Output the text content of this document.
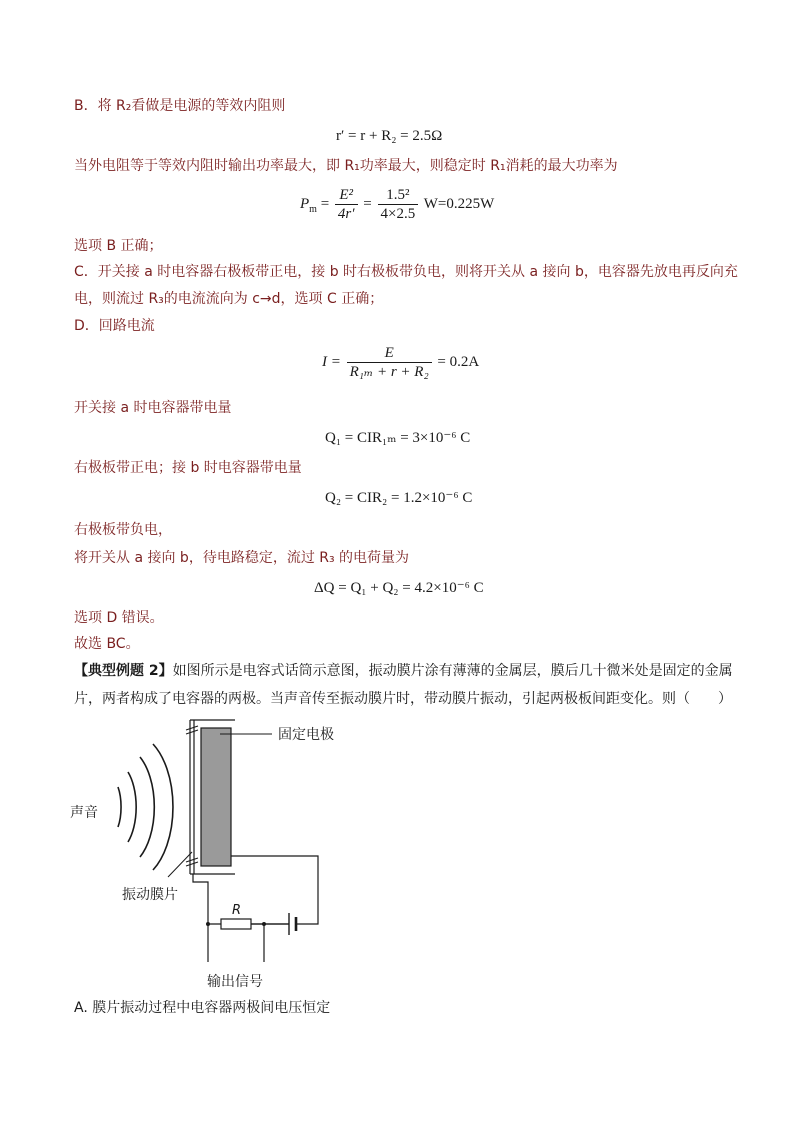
B．将 R₂看做是电源的等效内阻则
r′ = r + R₂ = 2.5Ω
当外电阻等于等效内阻时输出功率最大，即 R₁功率最大，则稳定时 R₁消耗的最大功率为
$P_m = \frac{\text{E²}}{4r'} = \frac{\text{1.5²}}{4\times 2.5} W=0.225W$
选项 B 正确；
C．开关接 a 时电容器右极板带正电，接 b 时右极板带负电，则将开关从 a 接向 b，电容器先放电再反向充
电，则流过 R₃的电流流向为 c→d，选项 C 正确；
D．回路电流
$I = \frac{E}{\text{R₁ₘ + r + R₂}} = 0.2A$
开关接 a 时电容器带电量
Q₁ = CIR₁ₘ = 3×10⁻⁶ C
右极板带正电；接 b 时电容器带电量
Q₂ = CIR₂ = 1.2×10⁻⁶ C
右极板带负电，
将开关从 a 接向 b，待电路稳定，流过 R₃ 的电荷量为
ΔQ = Q₁ + Q₂ = 4.2×10⁻⁶ C
选项 D 错误。
故选 BC。
【典型例题 2】如图所示是电容式话筒示意图，振动膜片涂有薄薄的金属层，膜后几十微米处是固定的金属
片，两者构成了电容器的两极。当声音传至振动膜片时，带动膜片振动，引起两极板间距变化。则（　　）
声音
固定电极
振动膜片
R
输出信号
A. 膜片振动过程中电容器两极间电压恒定
